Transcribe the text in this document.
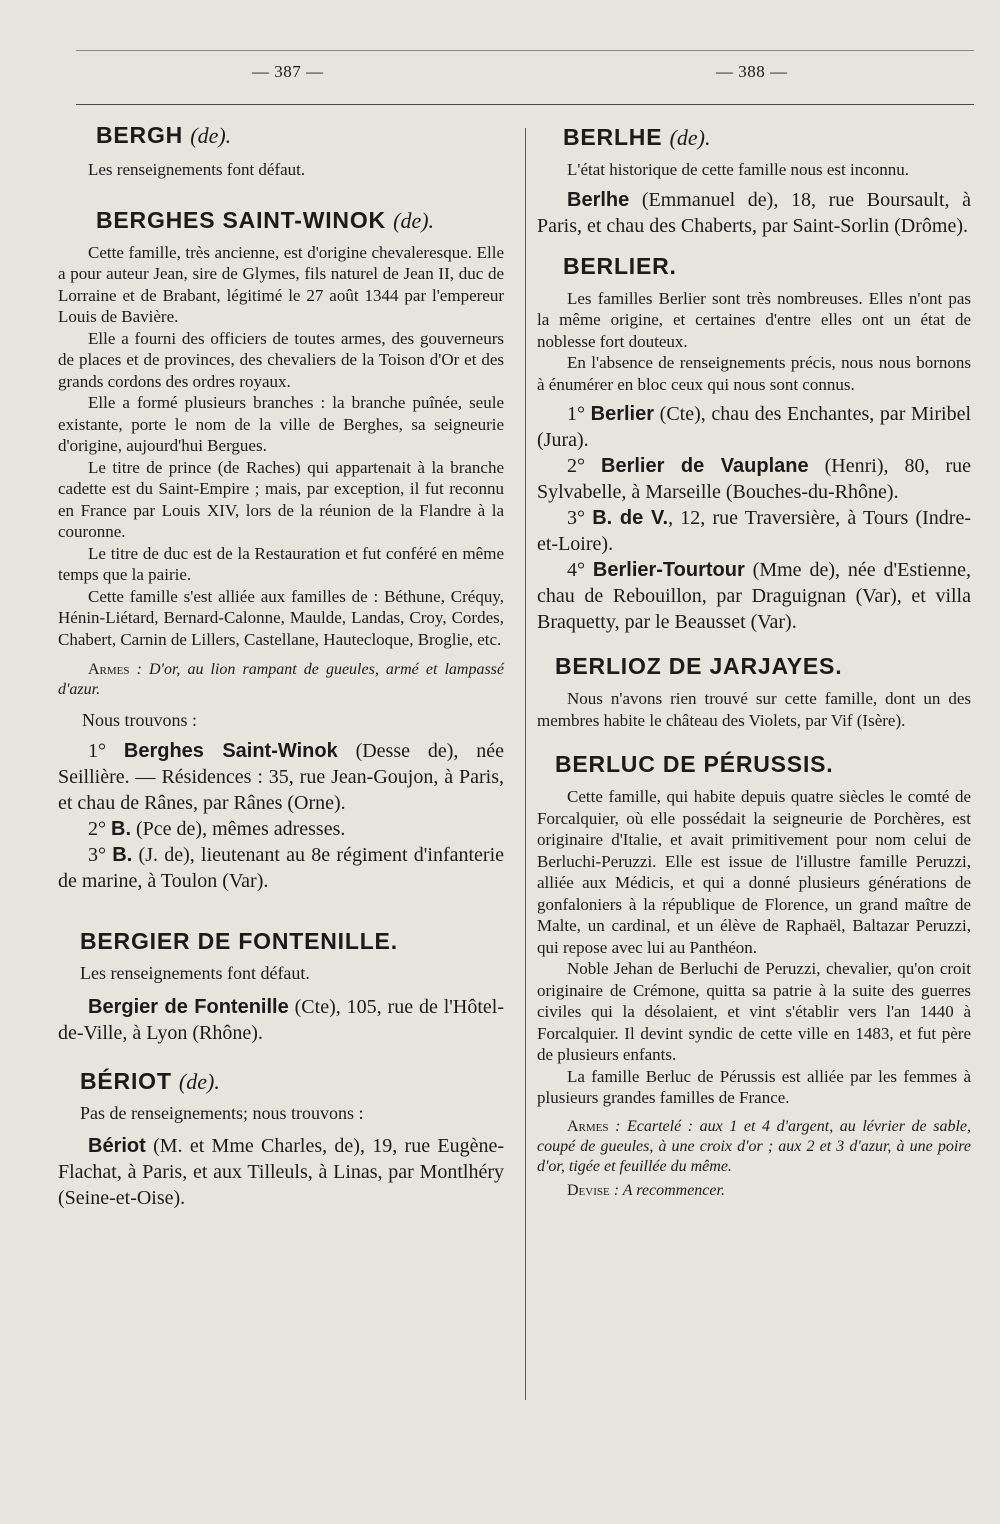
— 387 —	— 388 —

BERGH (de).

Les renseignements font défaut.

BERGHES SAINT-WINOK (de).

Cette famille, très ancienne, est d'origine chevaleresque. Elle a pour auteur Jean, sire de Glymes, fils naturel de Jean II, duc de Lorraine et de Brabant, légitimé le 27 août 1344 par l'empereur Louis de Bavière.

Elle a fourni des officiers de toutes armes, des gouverneurs de places et de provinces, des chevaliers de la Toison d'Or et des grands cordons des ordres royaux.

Elle a formé plusieurs branches : la branche puînée, seule existante, porte le nom de la ville de Berghes, sa seigneurie d'origine, aujourd'hui Bergues.

Le titre de prince (de Raches) qui appartenait à la branche cadette est du Saint-Empire ; mais, par exception, il fut reconnu en France par Louis XIV, lors de la réunion de la Flandre à la couronne.

Le titre de duc est de la Restauration et fut conféré en même temps que la pairie.

Cette famille s'est alliée aux familles de : Béthune, Créquy, Hénin-Liétard, Bernard-Calonne, Maulde, Landas, Croy, Cordes, Chabert, Carnin de Lillers, Castellane, Hautecloque, Broglie, etc.

Armes : D'or, au lion rampant de gueules, armé et lampassé d'azur.

Nous trouvons :

1° Berghes Saint-Winok (Desse de), née Seillière. — Résidences : 35, rue Jean-Goujon, à Paris, et chau de Rânes, par Rânes (Orne).

2° B. (Pce de), mêmes adresses.

3° B. (J. de), lieutenant au 8e régiment d'infanterie de marine, à Toulon (Var).

BERGIER DE FONTENILLE.

Les renseignements font défaut.

Bergier de Fontenille (Cte), 105, rue de l'Hôtel-de-Ville, à Lyon (Rhône).

BÉRIOT (de).

Pas de renseignements; nous trouvons :

Bériot (M. et Mme Charles, de), 19, rue Eugène-Flachat, à Paris, et aux Tilleuls, à Linas, par Montlhéry (Seine-et-Oise).

BERLHE (de).

L'état historique de cette famille nous est inconnu.

Berlhe (Emmanuel de), 18, rue Boursault, à Paris, et chau des Chaberts, par Saint-Sorlin (Drôme).

BERLIER.

Les familles Berlier sont très nombreuses. Elles n'ont pas la même origine, et certaines d'entre elles ont un état de noblesse fort douteux.

En l'absence de renseignements précis, nous nous bornons à énumérer en bloc ceux qui nous sont connus.

1° Berlier (Cte), chau des Enchantes, par Miribel (Jura).

2° Berlier de Vauplane (Henri), 80, rue Sylvabelle, à Marseille (Bouches-du-Rhône).

3° B. de V., 12, rue Traversière, à Tours (Indre-et-Loire).

4° Berlier-Tourtour (Mme de), née d'Estienne, chau de Rebouillon, par Draguignan (Var), et villa Braquetty, par le Beausset (Var).

BERLIOZ DE JARJAYES.

Nous n'avons rien trouvé sur cette famille, dont un des membres habite le château des Violets, par Vif (Isère).

BERLUC DE PÉRUSSIS.

Cette famille, qui habite depuis quatre siècles le comté de Forcalquier, où elle possédait la seigneurie de Porchères, est originaire d'Italie, et avait primitivement pour nom celui de Berluchi-Peruzzi. Elle est issue de l'illustre famille Peruzzi, alliée aux Médicis, et qui a donné plusieurs générations de gonfaloniers à la république de Florence, un grand maître de Malte, un cardinal, et un élève de Raphaël, Baltazar Peruzzi, qui repose avec lui au Panthéon.

Noble Jehan de Berluchi de Peruzzi, chevalier, qu'on croit originaire de Crémone, quitta sa patrie à la suite des guerres civiles qui la désolaient, et vint s'établir vers l'an 1440 à Forcalquier. Il devint syndic de cette ville en 1483, et fut père de plusieurs enfants.

La famille Berluc de Pérussis est alliée par les femmes à plusieurs grandes familles de France.

Armes : Ecartelé : aux 1 et 4 d'argent, au lévrier de sable, coupé de gueules, à une croix d'or ; aux 2 et 3 d'azur, à une poire d'or, tigée et feuillée du même.

Devise : A recommencer.
